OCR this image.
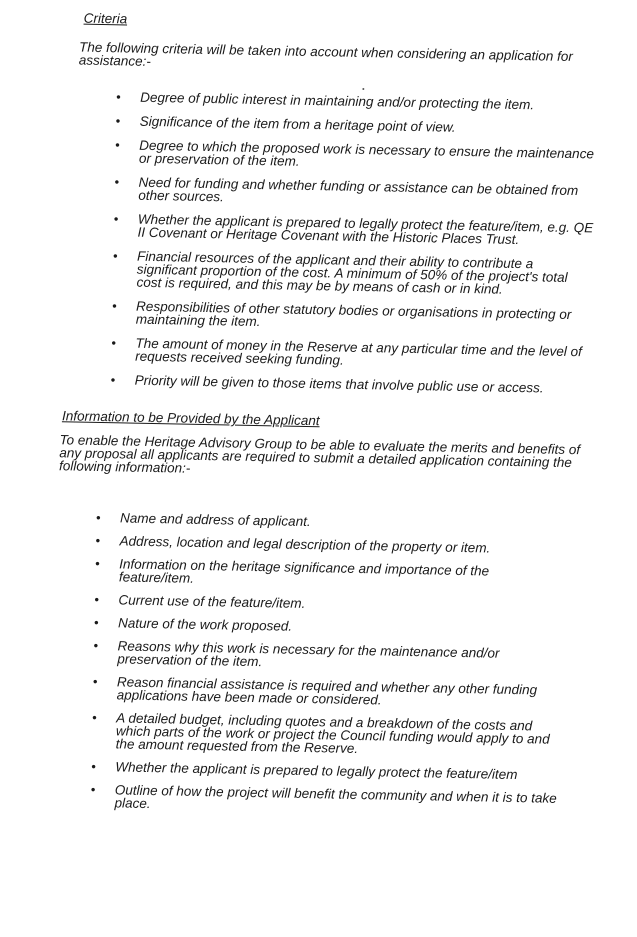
Criteria

The following criteria will be taken into account when considering an application for assistance:-

• Degree of public interest in maintaining and/or protecting the item.
• Significance of the item from a heritage point of view.
• Degree to which the proposed work is necessary to ensure the maintenance or preservation of the item.
• Need for funding and whether funding or assistance can be obtained from other sources.
• Whether the applicant is prepared to legally protect the feature/item, e.g. QE II Covenant or Heritage Covenant with the Historic Places Trust.
• Financial resources of the applicant and their ability to contribute a significant proportion of the cost. A minimum of 50% of the project's total cost is required, and this may be by means of cash or in kind.
• Responsibilities of other statutory bodies or organisations in protecting or maintaining the item.
• The amount of money in the Reserve at any particular time and the level of requests received seeking funding.
• Priority will be given to those items that involve public use or access.
Information to be Provided by the Applicant

To enable the Heritage Advisory Group to be able to evaluate the merits and benefits of any proposal all applicants are required to submit a detailed application containing the following information:-

• Name and address of applicant.
• Address, location and legal description of the property or item.
• Information on the heritage significance and importance of the feature/item.
• Current use of the feature/item.
• Nature of the work proposed.
• Reasons why this work is necessary for the maintenance and/or preservation of the item.
• Reason financial assistance is required and whether any other funding applications have been made or considered.
• A detailed budget, including quotes and a breakdown of the costs and which parts of the work or project the Council funding would apply to and the amount requested from the Reserve.
• Whether the applicant is prepared to legally protect the feature/item
• Outline of how the project will benefit the community and when it is to take place.
